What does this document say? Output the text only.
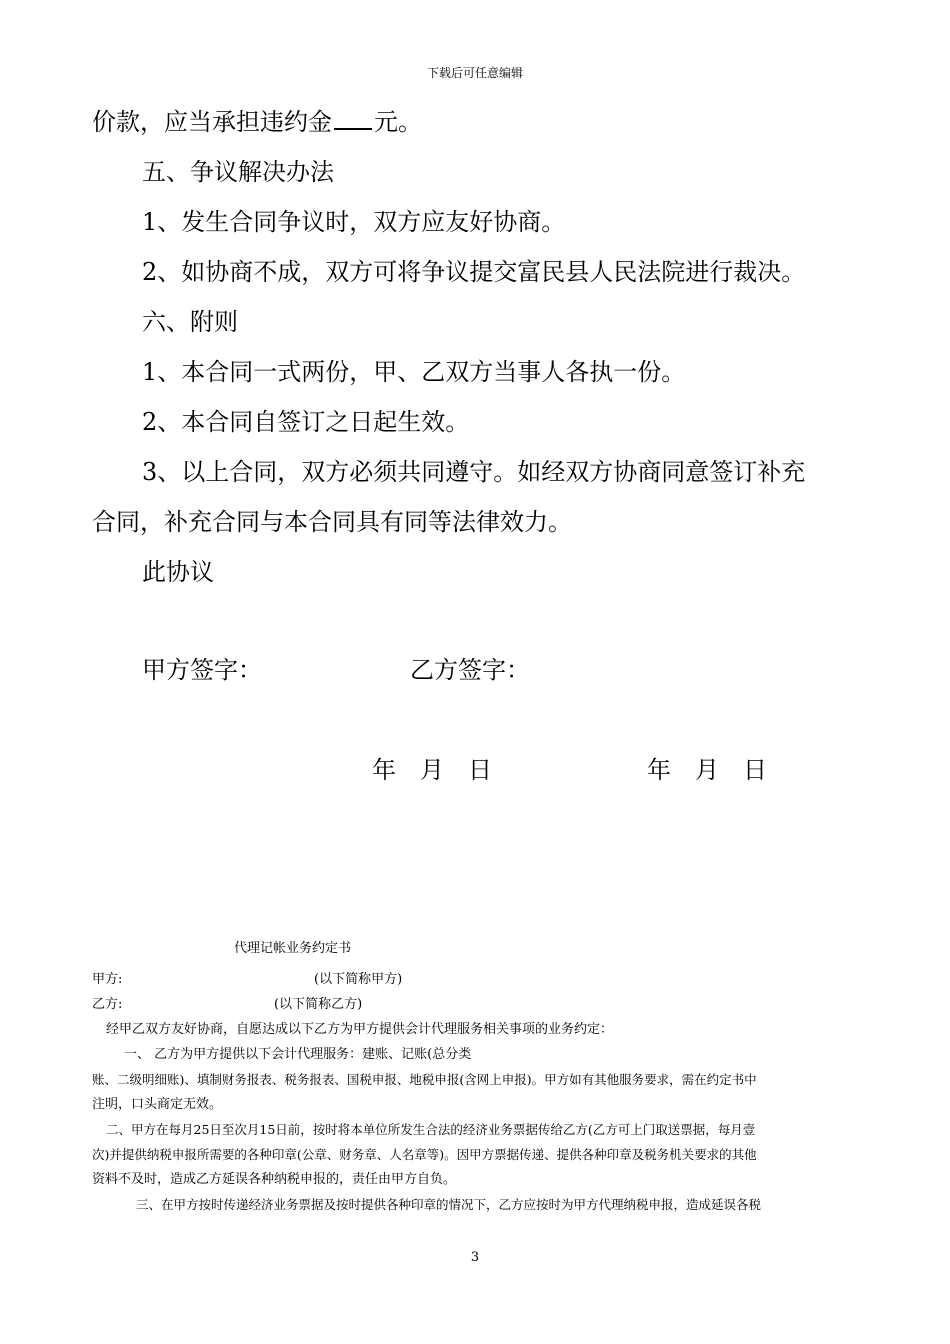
下载后可任意编辑
价款，应当承担违约金 元。
五、争议解决办法
1、发生合同争议时，双方应友好协商。
2、如协商不成，双方可将争议提交富民县人民法院进行裁决。
六、附则
1、本合同一式两份，甲、乙双方当事人各执一份。
2、本合同自签订之日起生效。
3、以上合同，双方必须共同遵守。如经双方协商同意签订补充
合同，补充合同与本合同具有同等法律效力。
此协议
甲方签字：	乙方签字：
年　月　日	年　月　日
代理记帐业务约定书
甲方:	(以下简称甲方)
乙方:	(以下简称乙方)
经甲乙双方友好协商，自愿达成以下乙方为甲方提供会计代理服务相关事项的业务约定：
一、 乙方为甲方提供以下会计代理服务：建账、记账(总分类
账、二级明细账)、填制财务报表、税务报表、国税申报、地税申报(含网上申报)。甲方如有其他服务要求，需在约定书中
注明，口头商定无效。
二、甲方在每月25日至次月15日前，按时将本单位所发生合法的经济业务票据传给乙方(乙方可上门取送票据，每月壹
次)并提供纳税申报所需要的各种印章(公章、财务章、人名章等)。因甲方票据传递、提供各种印章及税务机关要求的其他
资料不及时，造成乙方延误各种纳税申报的，责任由甲方自负。
三、在甲方按时传递经济业务票据及按时提供各种印章的情况下，乙方应按时为甲方代理纳税申报，造成延误各税
3
